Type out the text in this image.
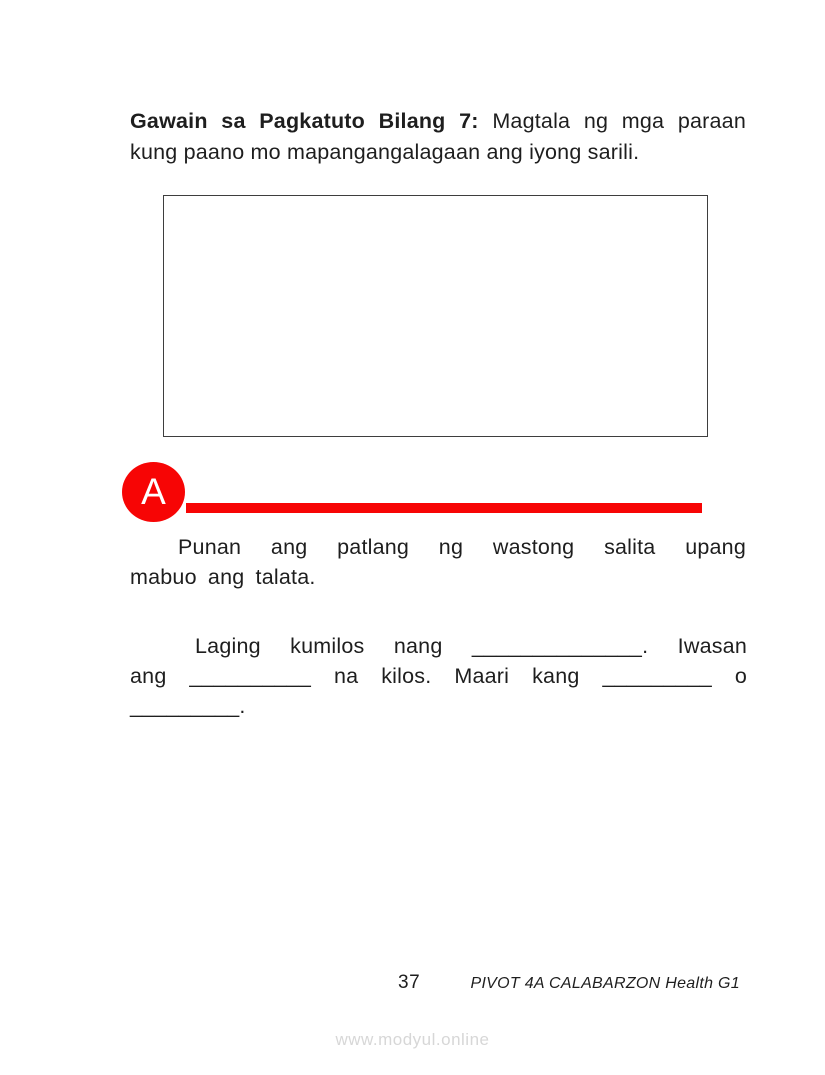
Gawain sa Pagkatuto Bilang 7: Magtala ng mga paraan
kung paano mo mapangangalagaan ang iyong sarili.
A
Punan ang patlang ng wastong salita upang
mabuo ang talata.
Laging kumilos nang ______________. Iwasan
ang __________ na kilos. Maari kang _________ o
_________.
37	PIVOT 4A CALABARZON Health G1
www.modyul.online
